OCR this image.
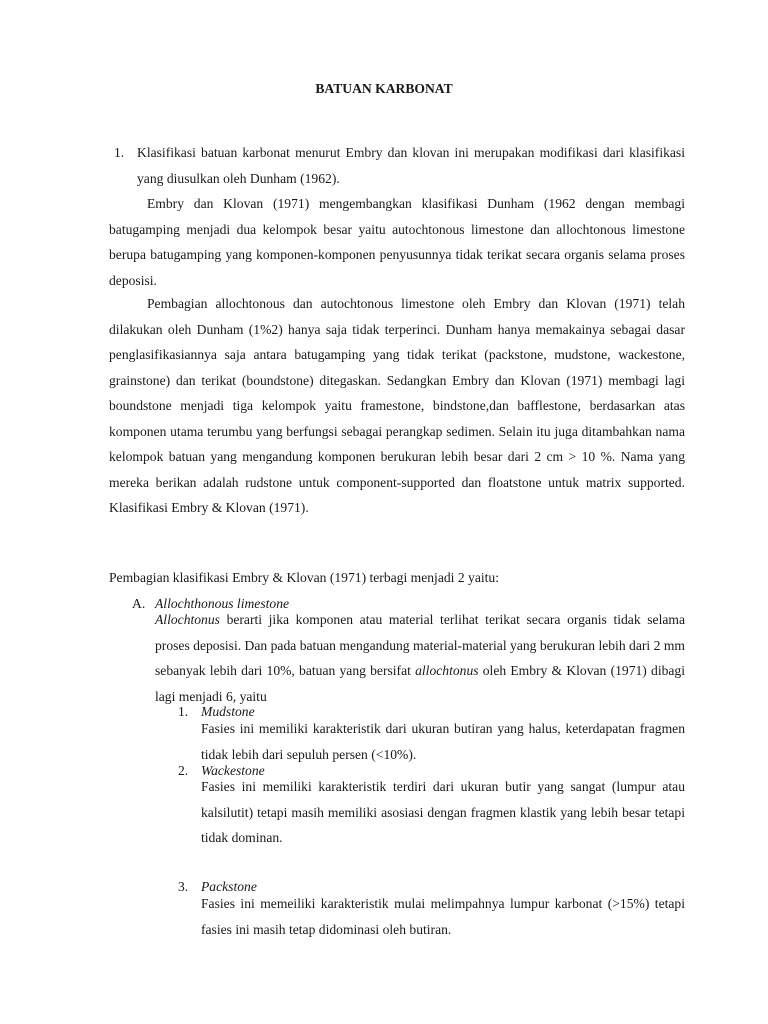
BATUAN KARBONAT
1. Klasifikasi batuan karbonat menurut Embry dan klovan ini merupakan modifikasi dari klasifikasi yang diusulkan oleh Dunham (1962).
Embry dan Klovan (1971) mengembangkan klasifikasi Dunham (1962 dengan membagi batugamping menjadi dua kelompok besar yaitu autochtonous limestone dan allochtonous limestone berupa batugamping yang komponen-komponen penyusunnya tidak terikat secara organis selama proses deposisi.
Pembagian allochtonous dan autochtonous limestone oleh Embry dan Klovan (1971) telah dilakukan oleh Dunham (1%2) hanya saja tidak terperinci. Dunham hanya memakainya sebagai dasar penglasifikasiannya saja antara batugamping yang tidak terikat (packstone, mudstone, wackestone, grainstone) dan terikat (boundstone) ditegaskan. Sedangkan Embry dan Klovan (1971) membagi lagi boundstone menjadi tiga kelompok yaitu framestone, bindstone,dan bafflestone, berdasarkan atas komponen utama terumbu yang berfungsi sebagai perangkap sedimen. Selain itu juga ditambahkan nama kelompok batuan yang mengandung komponen berukuran lebih besar dari 2 cm > 10 %. Nama yang mereka berikan adalah rudstone untuk component-supported dan floatstone untuk matrix supported. Klasifikasi Embry & Klovan (1971).
Pembagian klasifikasi Embry & Klovan (1971) terbagi menjadi 2 yaitu:
A. Allochthonous limestone
Allochtonus berarti jika komponen atau material terlihat terikat secara organis tidak selama proses deposisi. Dan pada batuan mengandung material-material yang berukuran lebih dari 2 mm sebanyak lebih dari 10%, batuan yang bersifat allochtonus oleh Embry & Klovan (1971) dibagi lagi menjadi 6, yaitu
1. Mudstone
Fasies ini memiliki karakteristik dari ukuran butiran yang halus, keterdapatan fragmen tidak lebih dari sepuluh persen (<10%).
2. Wackestone
Fasies ini memiliki karakteristik terdiri dari ukuran butir yang sangat (lumpur atau kalsilutit) tetapi masih memiliki asosiasi dengan fragmen klastik yang lebih besar tetapi tidak dominan.
3. Packstone
Fasies ini memeiliki karakteristik mulai melimpahnya lumpur karbonat (>15%) tetapi fasies ini masih tetap didominasi oleh butiran.
